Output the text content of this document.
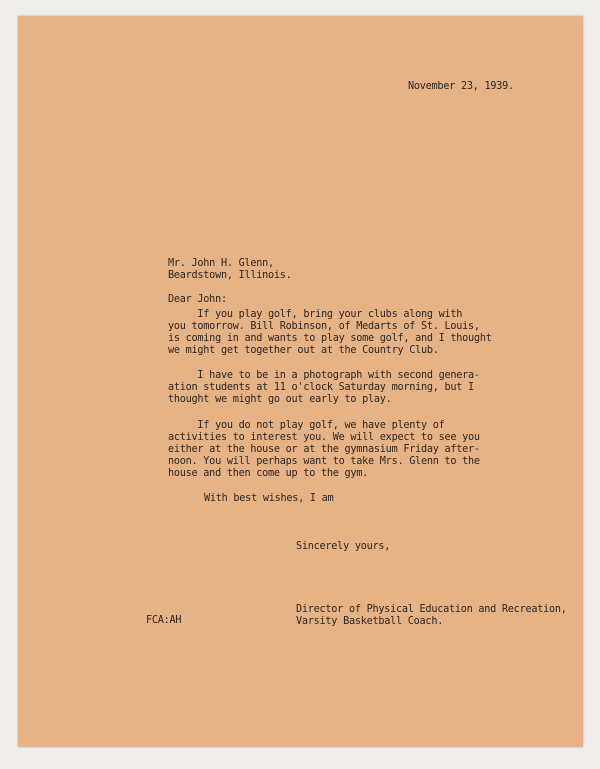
November 23, 1939.

Mr. John H. Glenn,

Beardstown, Illinois.

Dear John:

If you play golf, bring your clubs along with

you tomorrow. Bill Robinson, of Medarts of St. Louis,

is coming in and wants to play some golf, and I thought

we might get together out at the Country Club.

I have to be in a photograph with second genera-

ation students at 11 o'clock Saturday morning, but I

thought we might go out early to play.

If you do not play golf, we have plenty of

activities to interest you. We will expect to see you

either at the house or at the gymnasium Friday after-

noon. You will perhaps want to take Mrs. Glenn to the

house and then come up to the gym.

With best wishes, I am

Sincerely yours,

FCA:AH

Director of Physical Education and Recreation,

Varsity Basketball Coach.
